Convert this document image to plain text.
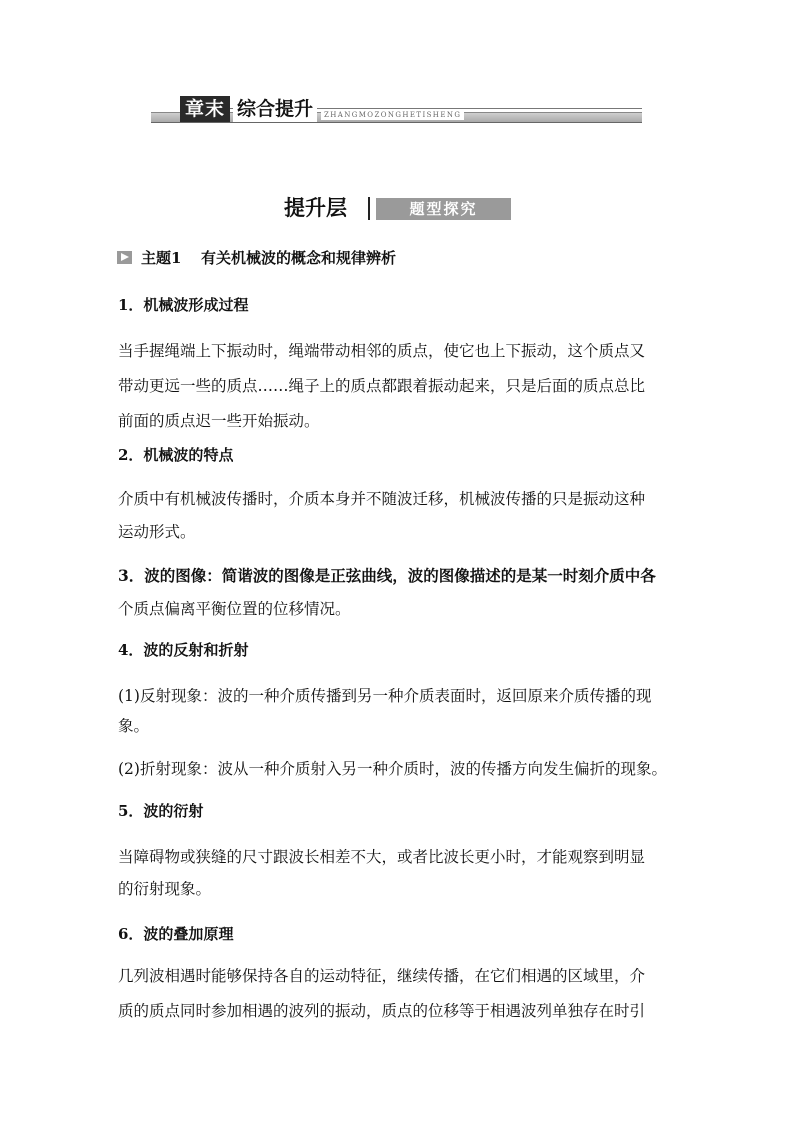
章末 综合提升	ZHANGMOZONGHETISHENG
提升层	题型探究
主题1 有关机械波的概念和规律辨析
1．机械波形成过程
当手握绳端上下振动时，绳端带动相邻的质点，使它也上下振动，这个质点又
带动更远一些的质点……绳子上的质点都跟着振动起来，只是后面的质点总比
前面的质点迟一些开始振动。
2．机械波的特点
介质中有机械波传播时，介质本身并不随波迁移，机械波传播的只是振动这种
运动形式。
3．波的图像：简谐波的图像是正弦曲线，波的图像描述的是某一时刻介质中各
个质点偏离平衡位置的位移情况。
4．波的反射和折射
(1)反射现象：波的一种介质传播到另一种介质表面时，返回原来介质传播的现
象。
(2)折射现象：波从一种介质射入另一种介质时，波的传播方向发生偏折的现象。
5．波的衍射
当障碍物或狭缝的尺寸跟波长相差不大，或者比波长更小时，才能观察到明显
的衍射现象。
6．波的叠加原理
几列波相遇时能够保持各自的运动特征，继续传播，在它们相遇的区域里，介
质的质点同时参加相遇的波列的振动，质点的位移等于相遇波列单独存在时引
